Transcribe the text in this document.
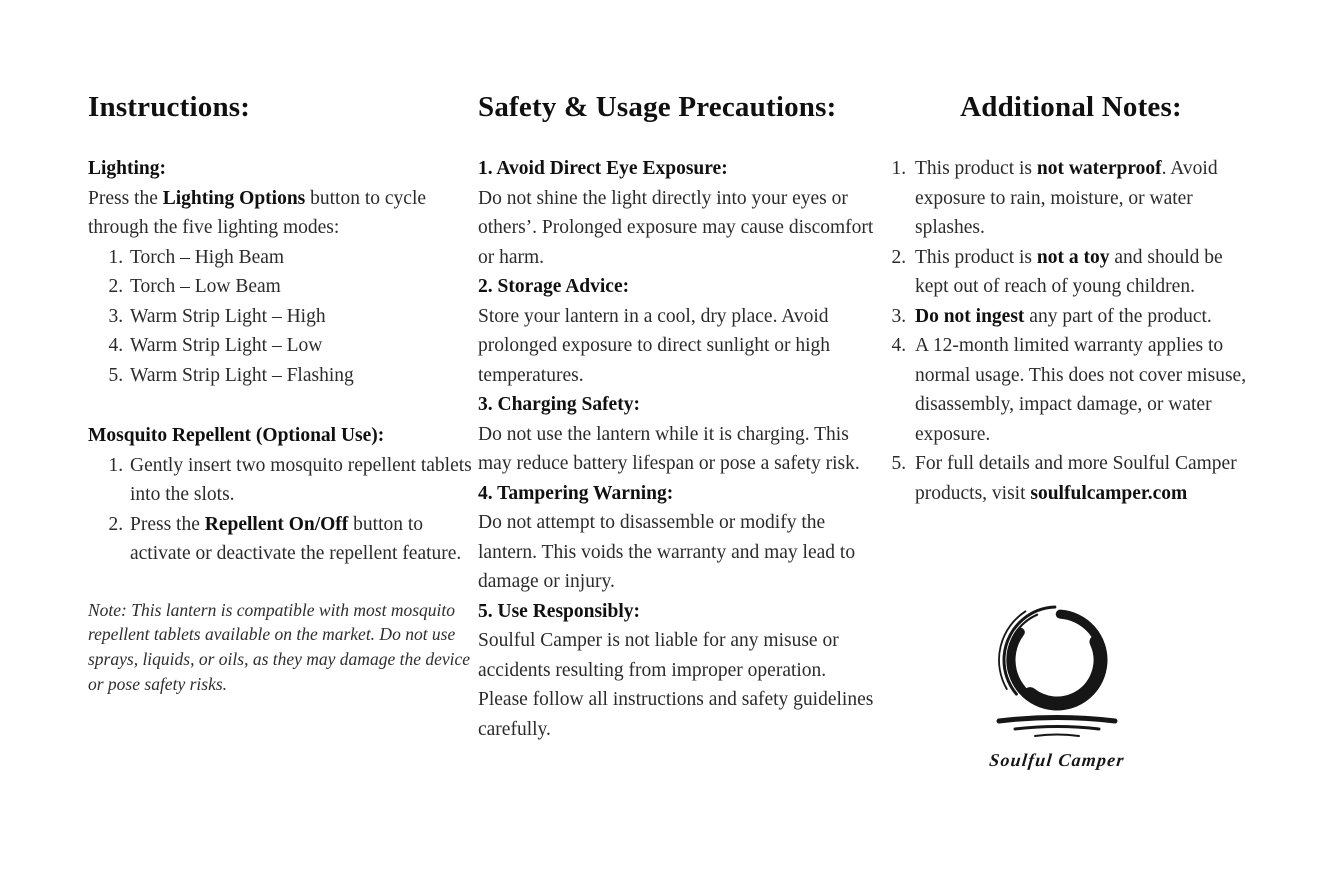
Instructions:
Lighting:

Press the Lighting Options button to cycle through the five lighting modes:

1. Torch – High Beam
2. Torch – Low Beam
3. Warm Strip Light – High
4. Warm Strip Light – Low
5. Warm Strip Light – Flashing
Mosquito Repellent (Optional Use):
1. Gently insert two mosquito repellent tablets into the slots.
2. Press the Repellent On/Off button to activate or deactivate the repellent feature.

Note: This lantern is compatible with most mosquito repellent tablets available on the market. Do not use sprays, liquids, or oils, as they may damage the device or pose safety risks.

Safety & Usage Precautions:
1. Avoid Direct Eye Exposure:

Do not shine the light directly into your eyes or others’. Prolonged exposure may cause discomfort or harm.

2. Storage Advice:

Store your lantern in a cool, dry place. Avoid prolonged exposure to direct sunlight or high temperatures.

3. Charging Safety:

Do not use the lantern while it is charging. This may reduce battery lifespan or pose a safety risk.

4. Tampering Warning:

Do not attempt to disassemble or modify the lantern. This voids the warranty and may lead to damage or injury.

5. Use Responsibly:

Soulful Camper is not liable for any misuse or accidents resulting from improper operation. Please follow all instructions and safety guidelines carefully.

Additional Notes:
1. This product is not waterproof. Avoid exposure to rain, moisture, or water splashes.
2. This product is not a toy and should be kept out of reach of young children.
3. Do not ingest any part of the product.
4. A 12-month limited warranty applies to normal usage. This does not cover misuse, disassembly, impact damage, or water exposure.
5. For full details and more Soulful Camper products, visit soulfulcamper.com
Soulful Camper
